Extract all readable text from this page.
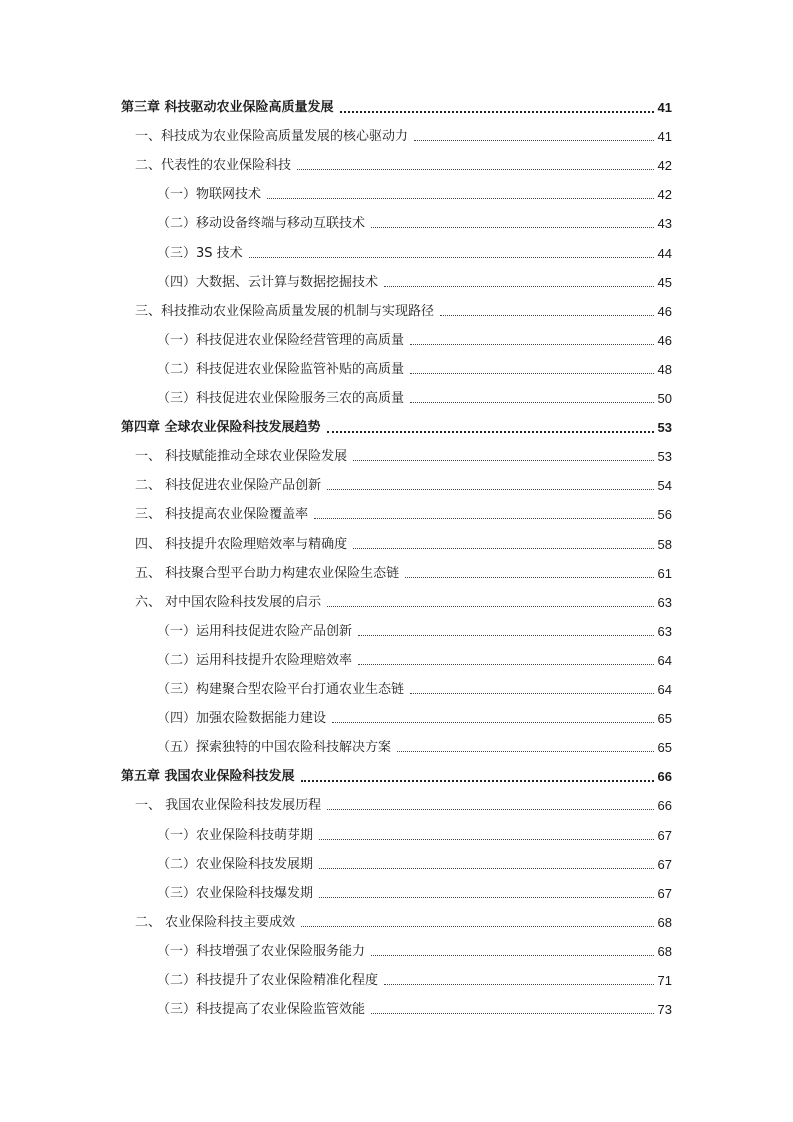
第三章 科技驱动农业保险高质量发展	41
一、科技成为农业保险高质量发展的核心驱动力	41
二、代表性的农业保险科技	42
（一）物联网技术	42
（二）移动设备终端与移动互联技术	43
（三）3S 技术	44
（四）大数据、云计算与数据挖掘技术	45
三、科技推动农业保险高质量发展的机制与实现路径	46
（一）科技促进农业保险经营管理的高质量	46
（二）科技促进农业保险监管补贴的高质量	48
（三）科技促进农业保险服务三农的高质量	50
第四章 全球农业保险科技发展趋势	53
一、 科技赋能推动全球农业保险发展	53
二、 科技促进农业保险产品创新	54
三、 科技提高农业保险覆盖率	56
四、 科技提升农险理赔效率与精确度	58
五、 科技聚合型平台助力构建农业保险生态链	61
六、 对中国农险科技发展的启示	63
（一）运用科技促进农险产品创新	63
（二）运用科技提升农险理赔效率	64
（三）构建聚合型农险平台打通农业生态链	64
（四）加强农险数据能力建设	65
（五）探索独特的中国农险科技解决方案	65
第五章 我国农业保险科技发展	66
一、 我国农业保险科技发展历程	66
（一）农业保险科技萌芽期	67
（二）农业保险科技发展期	67
（三）农业保险科技爆发期	67
二、 农业保险科技主要成效	68
（一）科技增强了农业保险服务能力	68
（二）科技提升了农业保险精准化程度	71
（三）科技提高了农业保险监管效能	73
